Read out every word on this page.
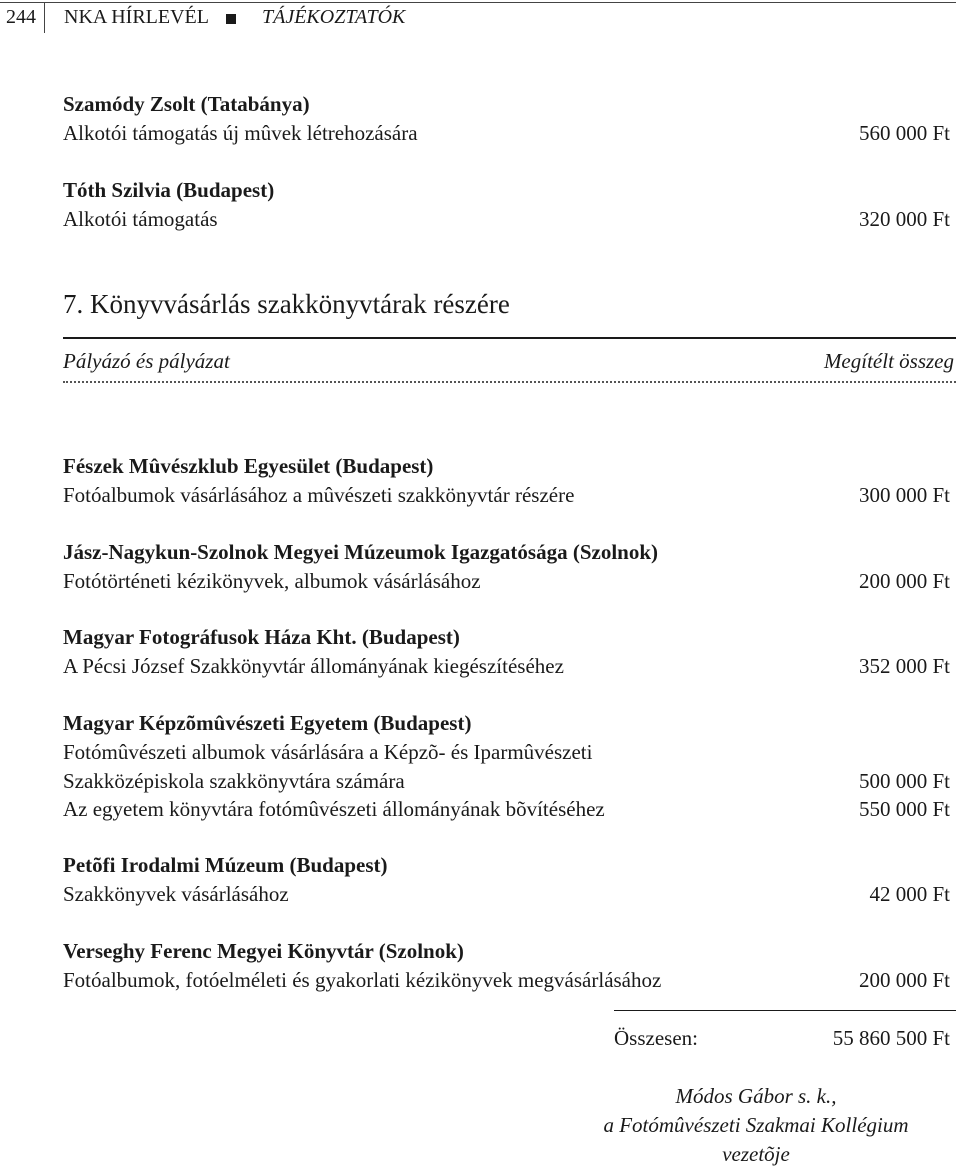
244 NKA HÍRLEVÉL	TÁJÉKOZTATÓK
Szamódy Zsolt (Tatabánya)
Alkotói támogatás új mûvek létrehozására	560 000 Ft
Tóth Szilvia (Budapest)
Alkotói támogatás	320 000 Ft
7. Könyvvásárlás szakkönyvtárak részére
Pályázó és pályázat	Megítélt összeg
Fészek Mûvészklub Egyesület (Budapest)
Fotóalbumok vásárlásához a mûvészeti szakkönyvtár részére	300 000 Ft
Jász-Nagykun-Szolnok Megyei Múzeumok Igazgatósága (Szolnok)
Fotótörténeti kézikönyvek, albumok vásárlásához	200 000 Ft
Magyar Fotográfusok Háza Kht. (Budapest)
A Pécsi József Szakkönyvtár állományának kiegészítéséhez	352 000 Ft
Magyar Képzõmûvészeti Egyetem (Budapest)
Fotómûvészeti albumok vásárlására a Képzõ- és Iparmûvészeti
Szakközépiskola szakkönyvtára számára	500 000 Ft
Az egyetem könyvtára fotómûvészeti állományának bõvítéséhez	550 000 Ft
Petõfi Irodalmi Múzeum (Budapest)
Szakkönyvek vásárlásához	42 000 Ft
Verseghy Ferenc Megyei Könyvtár (Szolnok)
Fotóalbumok, fotóelméleti és gyakorlati kézikönyvek megvásárlásához	200 000 Ft
Összesen:	55 860 500 Ft
Módos Gábor s. k.,
a Fotómûvészeti Szakmai Kollégium
vezetõje
